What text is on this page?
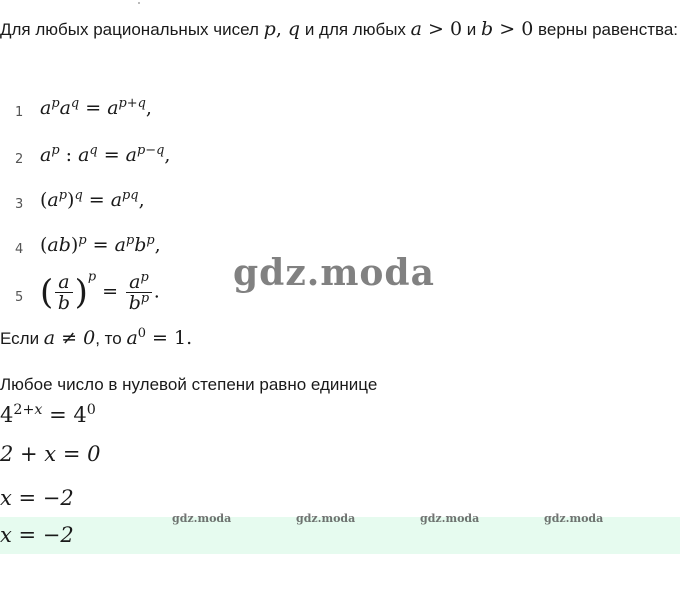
Для любых рациональных чисел p, q и для любых a > 0 и b > 0 верны равенства:

1 $a^pa^q = a^{p+q}$,
2 $a^p$ : $a^q = a^{p-q}$,
3 $(a^p)^q = a^{pq}$,
4 $(ab)^p = a^pb^p$,
5 ( $\frac{a}{b} )^p = \frac{a^p}{b^p}$ . gdz.moda
Если a ≠ 0, то $a^0 = 1$.
Любое число в нулевой степени равно единице
$4^{2+x} = 4^0$
2 + x = 0
x = −2
x = −2
gdz.moda	gdz.moda	gdz.moda	gdz.moda
